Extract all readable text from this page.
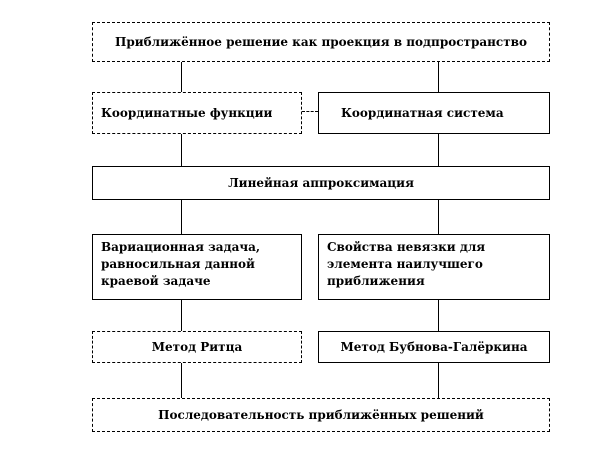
Приближённое решение как проекция в подпространство
Координатные функции	Координатная система
Линейная аппроксимация
Вариационная задача, равносильная данной краевой задаче
Свойства невязки для элемента наилучшего приближения
Метод Ритца	Метод Бубнова-Галёркина
Последовательность приближённых решений
